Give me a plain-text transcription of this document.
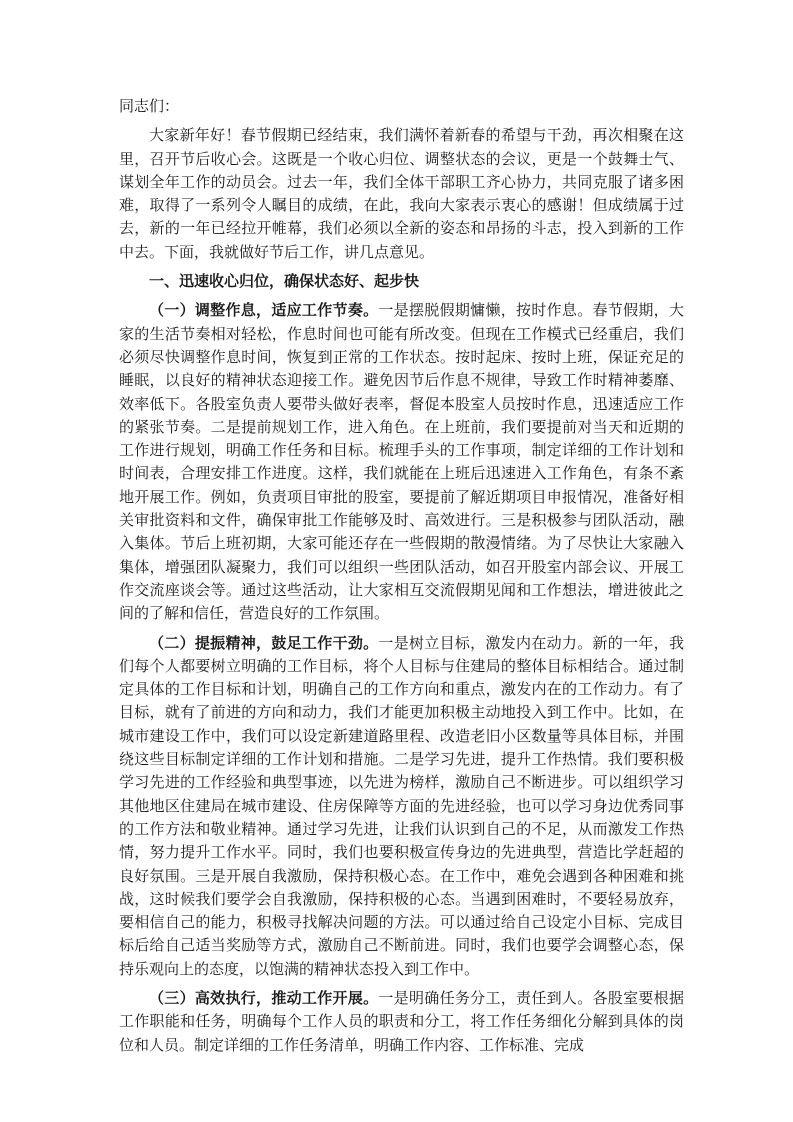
同志们：

大家新年好！春节假期已经结束，我们满怀着新春的希望与干劲，再次相聚在这里，召开节后收心会。这既是一个收心归位、调整状态的会议，更是一个鼓舞士气、谋划全年工作的动员会。过去一年，我们全体干部职工齐心协力，共同克服了诸多困难，取得了一系列令人瞩目的成绩，在此，我向大家表示衷心的感谢！但成绩属于过去，新的一年已经拉开帷幕，我们必须以全新的姿态和昂扬的斗志，投入到新的工作中去。下面，我就做好节后工作，讲几点意见。

一、迅速收心归位，确保状态好、起步快

（一）调整作息，适应工作节奏。一是摆脱假期慵懒，按时作息。春节假期，大家的生活节奏相对轻松，作息时间也可能有所改变。但现在工作模式已经重启，我们必须尽快调整作息时间，恢复到正常的工作状态。按时起床、按时上班，保证充足的睡眠，以良好的精神状态迎接工作。避免因节后作息不规律，导致工作时精神萎靡、效率低下。各股室负责人要带头做好表率，督促本股室人员按时作息，迅速适应工作的紧张节奏。二是提前规划工作，进入角色。在上班前，我们要提前对当天和近期的工作进行规划，明确工作任务和目标。梳理手头的工作事项，制定详细的工作计划和时间表，合理安排工作进度。这样，我们就能在上班后迅速进入工作角色，有条不紊地开展工作。例如，负责项目审批的股室，要提前了解近期项目申报情况，准备好相关审批资料和文件，确保审批工作能够及时、高效进行。三是积极参与团队活动，融入集体。节后上班初期，大家可能还存在一些假期的散漫情绪。为了尽快让大家融入集体，增强团队凝聚力，我们可以组织一些团队活动，如召开股室内部会议、开展工作交流座谈会等。通过这些活动，让大家相互交流假期见闻和工作想法，增进彼此之间的了解和信任，营造良好的工作氛围。

（二）提振精神，鼓足工作干劲。一是树立目标，激发内在动力。新的一年，我们每个人都要树立明确的工作目标，将个人目标与住建局的整体目标相结合。通过制定具体的工作目标和计划，明确自己的工作方向和重点，激发内在的工作动力。有了目标，就有了前进的方向和动力，我们才能更加积极主动地投入到工作中。比如，在城市建设工作中，我们可以设定新建道路里程、改造老旧小区数量等具体目标，并围绕这些目标制定详细的工作计划和措施。二是学习先进，提升工作热情。我们要积极学习先进的工作经验和典型事迹，以先进为榜样，激励自己不断进步。可以组织学习其他地区住建局在城市建设、住房保障等方面的先进经验，也可以学习身边优秀同事的工作方法和敬业精神。通过学习先进，让我们认识到自己的不足，从而激发工作热情，努力提升工作水平。同时，我们也要积极宣传身边的先进典型，营造比学赶超的良好氛围。三是开展自我激励，保持积极心态。在工作中，难免会遇到各种困难和挑战，这时候我们要学会自我激励，保持积极的心态。当遇到困难时，不要轻易放弃，要相信自己的能力，积极寻找解决问题的方法。可以通过给自己设定小目标、完成目标后给自己适当奖励等方式，激励自己不断前进。同时，我们也要学会调整心态，保持乐观向上的态度，以饱满的精神状态投入到工作中。

（三）高效执行，推动工作开展。一是明确任务分工，责任到人。各股室要根据工作职能和任务，明确每个工作人员的职责和分工，将工作任务细化分解到具体的岗位和人员。制定详细的工作任务清单，明确工作内容、工作标准、完成
